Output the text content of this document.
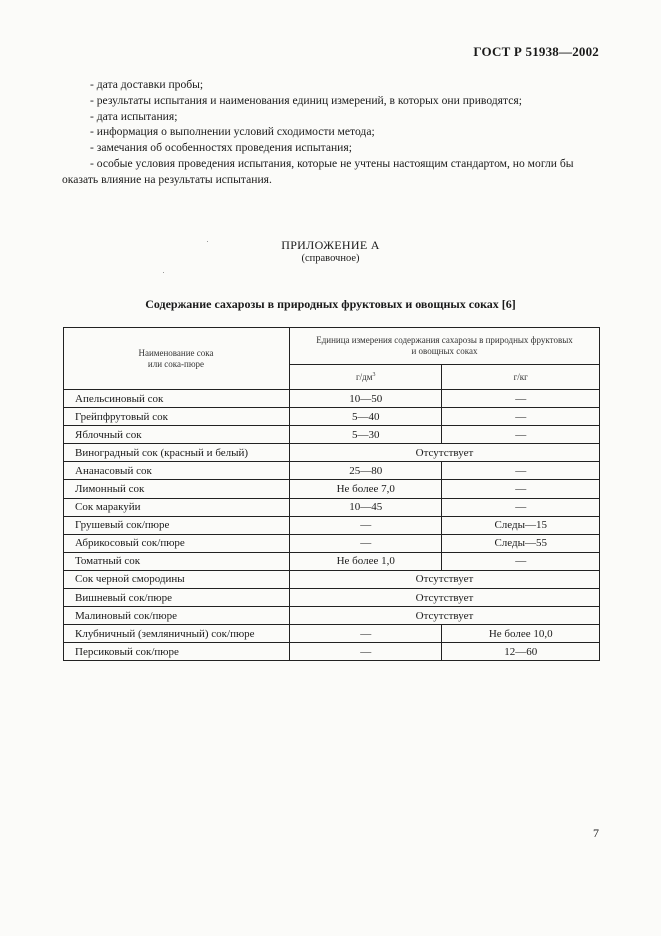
ГОСТ Р 51938—2002
- дата доставки пробы;
- результаты испытания и наименования единиц измерений, в которых они приводятся;
- дата испытания;
- информация о выполнении условий сходимости метода;
- замечания об особенностях проведения испытания;
- особые условия проведения испытания, которые не учтены настоящим стандартом, но могли бы оказать влияние на результаты испытания.
ПРИЛОЖЕНИЕ А
(справочное)
Содержание сахарозы в природных фруктовых и овощных соках [6]
Наименование сока
или сока-пюре	Единица измерения содержания сахарозы в природных фруктовых
и овощных соках	
	$г/дм^3$	г/кг
Апельсиновый сок	10—50	—
Грейпфрутовый сок	5—40	—
Яблочный сок	5—30	—
Виноградный сок (красный и белый)	Отсутствует	
Ананасовый сок	25—80	—
Лимонный сок	Не более 7,0	—
Сок маракуйи	10—45	—
Грушевый сок/пюре	—	Следы—15
Абрикосовый сок/пюре	—	Следы—55
Томатный сок	Не более 1,0	—
Сок черной смородины	Отсутствует	
Вишневый сок/пюре	Отсутствует	
Малиновый сок/пюре	Отсутствует	
Клубничный (земляничный) сок/пюре	—	Не более 10,0
Персиковый сок/пюре	—	12—60
7
